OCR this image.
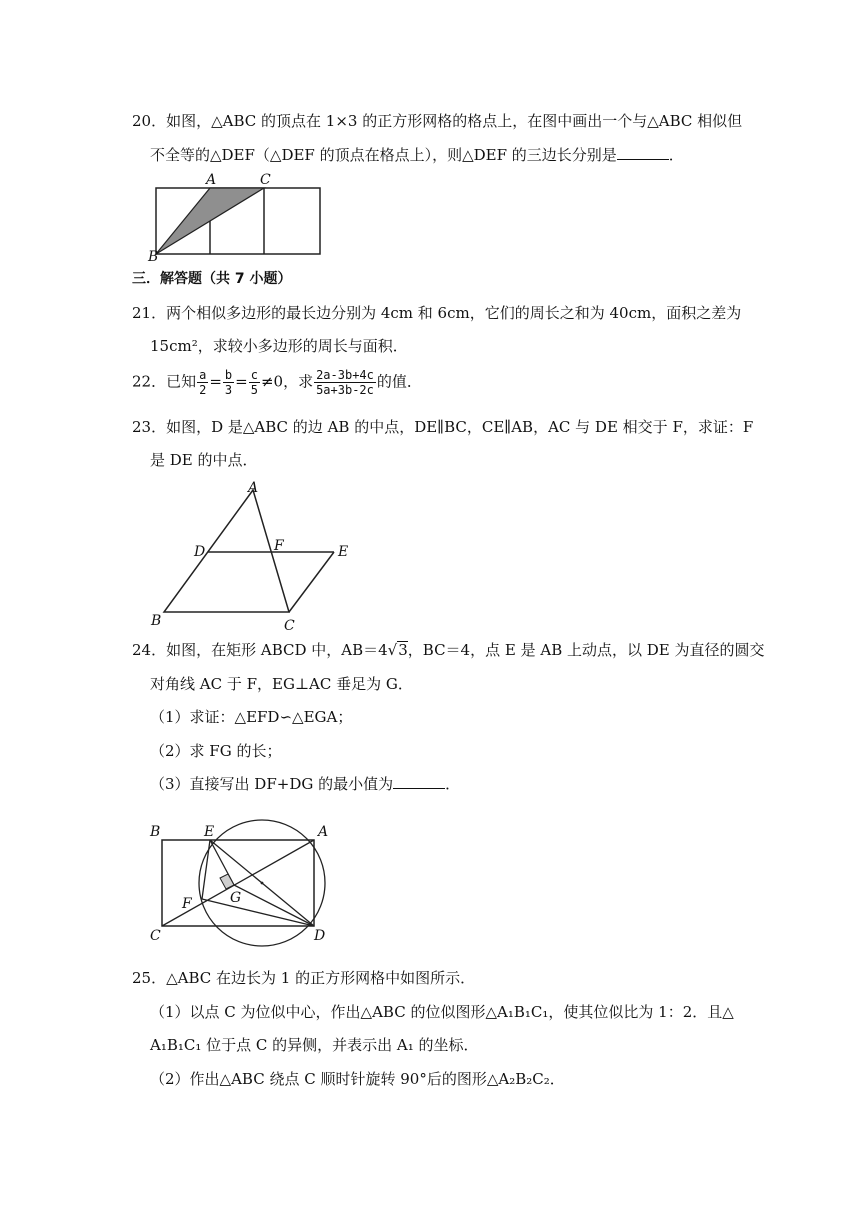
20．如图，△ABC 的顶点在 1×3 的正方形网格的格点上，在图中画出一个与△ABC 相似但
不全等的△DEF（△DEF 的顶点在格点上），则△DEF 的三边长分别是	．
A	C
B
三．解答题（共 7 小题）
21．两个相似多边形的最长边分别为 4cm 和 6cm，它们的周长之和为 40cm，面积之差为
15cm²，求较小多边形的周长与面积．
22．已知 $\frac{a}{2} = \frac{b}{3} = \frac{c}{5} \ne 0$，求 $\frac{2a-3b+4c}{5a+3b-2c}$ 的值．
23．如图，D 是△ABC 的边 AB 的中点，DE∥BC，CE∥AB，AC 与 DE 相交于 F，求证：F
是 DE 的中点．
A
D	F	E
B	C
24．如图，在矩形 ABCD 中，AB＝4√3，BC＝4，点 E 是 AB 上动点，以 DE 为直径的圆交
对角线 AC 于 F，EG⊥AC 垂足为 G．
（1）求证：△EFD∽△EGA；
（2）求 FG 的长；
（3）直接写出 DF+DG 的最小值为	．
B	E	A
F	G
C	D
25．△ABC 在边长为 1 的正方形网格中如图所示．
（1）以点 C 为位似中心，作出△ABC 的位似图形△A₁B₁C₁，使其位似比为 1：2．且△
A₁B₁C₁ 位于点 C 的异侧，并表示出 A₁ 的坐标．
（2）作出△ABC 绕点 C 顺时针旋转 90°后的图形△A₂B₂C₂．
